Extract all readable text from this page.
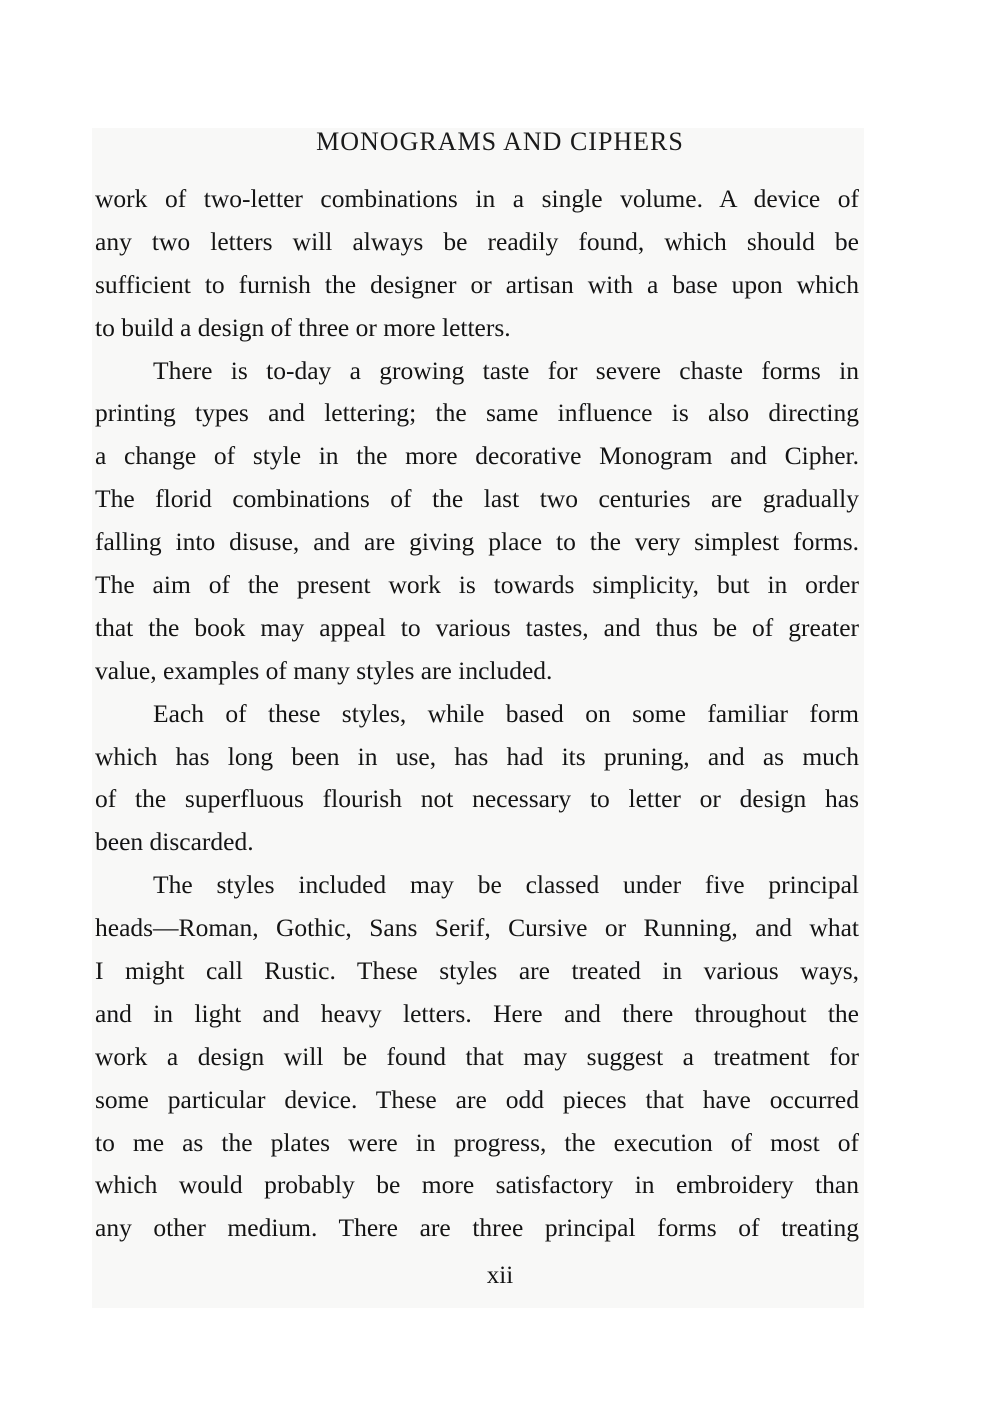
MONOGRAMS AND CIPHERS
work of two-letter combinations in a single volume. A device of
any two letters will always be readily found, which should be
sufficient to furnish the designer or artisan with a base upon which
to build a design of three or more letters.
There is to-day a growing taste for severe chaste forms in
printing types and lettering; the same influence is also directing
a change of style in the more decorative Monogram and Cipher.
The florid combinations of the last two centuries are gradually
falling into disuse, and are giving place to the very simplest forms.
The aim of the present work is towards simplicity, but in order
that the book may appeal to various tastes, and thus be of greater
value, examples of many styles are included.
Each of these styles, while based on some familiar form
which has long been in use, has had its pruning, and as much
of the superfluous flourish not necessary to letter or design has
been discarded.
The styles included may be classed under five principal
heads—Roman, Gothic, Sans Serif, Cursive or Running, and what
I might call Rustic. These styles are treated in various ways,
and in light and heavy letters. Here and there throughout the
work a design will be found that may suggest a treatment for
some particular device. These are odd pieces that have occurred
to me as the plates were in progress, the execution of most of
which would probably be more satisfactory in embroidery than
any other medium. There are three principal forms of treating
xii
